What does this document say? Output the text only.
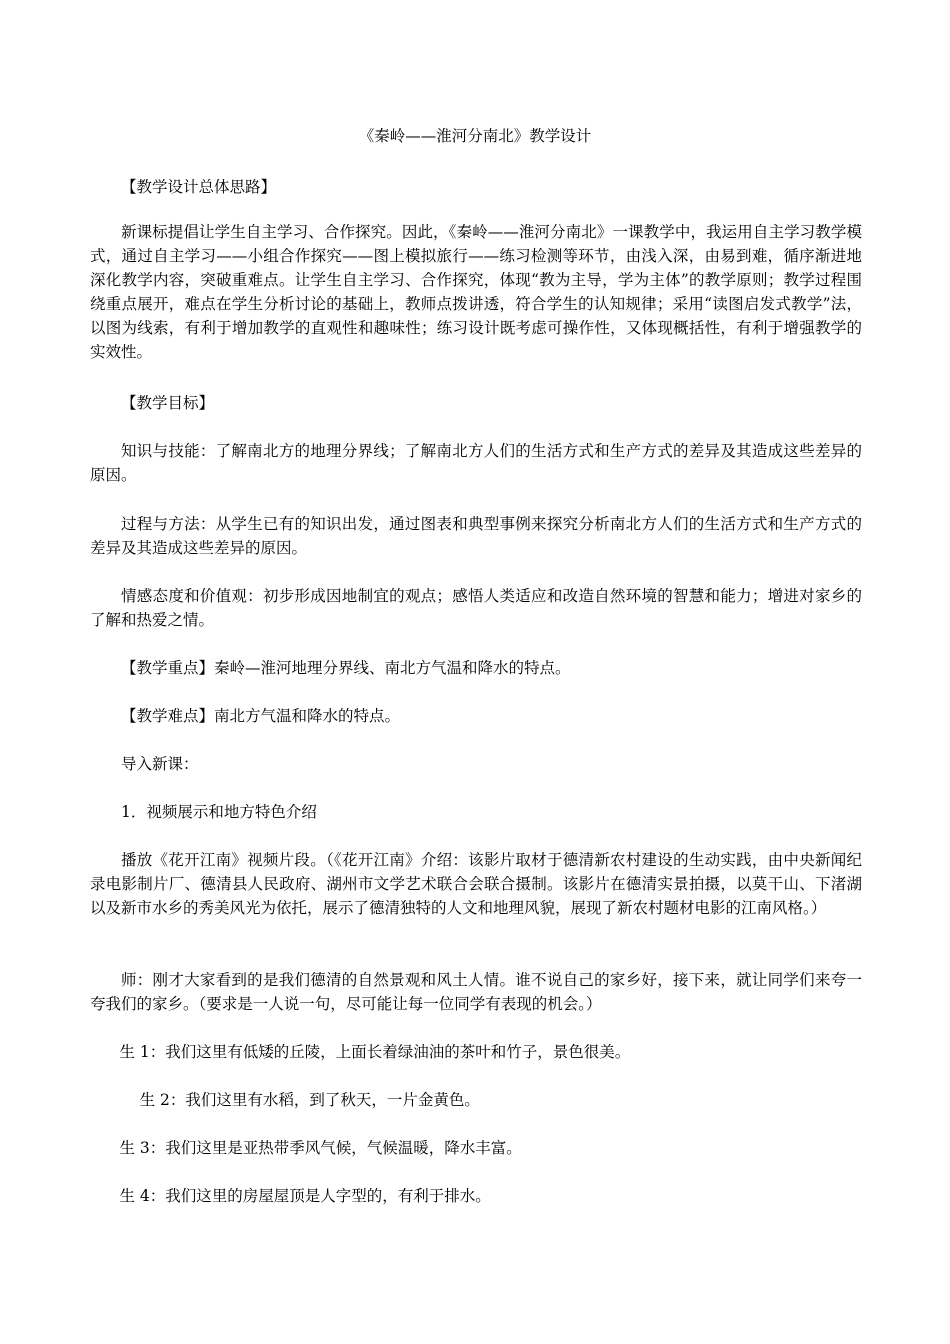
《秦岭——淮河分南北》教学设计
【教学设计总体思路】
新课标提倡让学生自主学习、合作探究。因此，《秦岭——淮河分南北》一课教学中，我运用自主学习教学模式，通过自主学习——小组合作探究——图上模拟旅行——练习检测等环节，由浅入深，由易到难，循序渐进地深化教学内容，突破重难点。让学生自主学习、合作探究，体现“教为主导，学为主体”的教学原则；教学过程围绕重点展开，难点在学生分析讨论的基础上，教师点拨讲透，符合学生的认知规律；采用“读图启发式教学”法，以图为线索，有利于增加教学的直观性和趣味性；练习设计既考虑可操作性，又体现概括性，有利于增强教学的实效性。
【教学目标】
知识与技能：了解南北方的地理分界线；了解南北方人们的生活方式和生产方式的差异及其造成这些差异的原因。
过程与方法：从学生已有的知识出发，通过图表和典型事例来探究分析南北方人们的生活方式和生产方式的差异及其造成这些差异的原因。
情感态度和价值观：初步形成因地制宜的观点；感悟人类适应和改造自然环境的智慧和能力；增进对家乡的了解和热爱之情。
【教学重点】秦岭—淮河地理分界线、南北方气温和降水的特点。
【教学难点】南北方气温和降水的特点。
导入新课：
1．视频展示和地方特色介绍
播放《花开江南》视频片段。（《花开江南》介绍：该影片取材于德清新农村建设的生动实践，由中央新闻纪录电影制片厂、德清县人民政府、湖州市文学艺术联合会联合摄制。该影片在德清实景拍摄，以莫干山、下渚湖以及新市水乡的秀美风光为依托，展示了德清独特的人文和地理风貌，展现了新农村题材电影的江南风格。）
师：刚才大家看到的是我们德清的自然景观和风土人情。谁不说自己的家乡好，接下来，就让同学们来夸一夸我们的家乡。（要求是一人说一句，尽可能让每一位同学有表现的机会。）
生 1：我们这里有低矮的丘陵，上面长着绿油油的茶叶和竹子，景色很美。
生 2：我们这里有水稻，到了秋天，一片金黄色。
生 3：我们这里是亚热带季风气候，气候温暖，降水丰富。
生 4：我们这里的房屋屋顶是人字型的，有利于排水。
